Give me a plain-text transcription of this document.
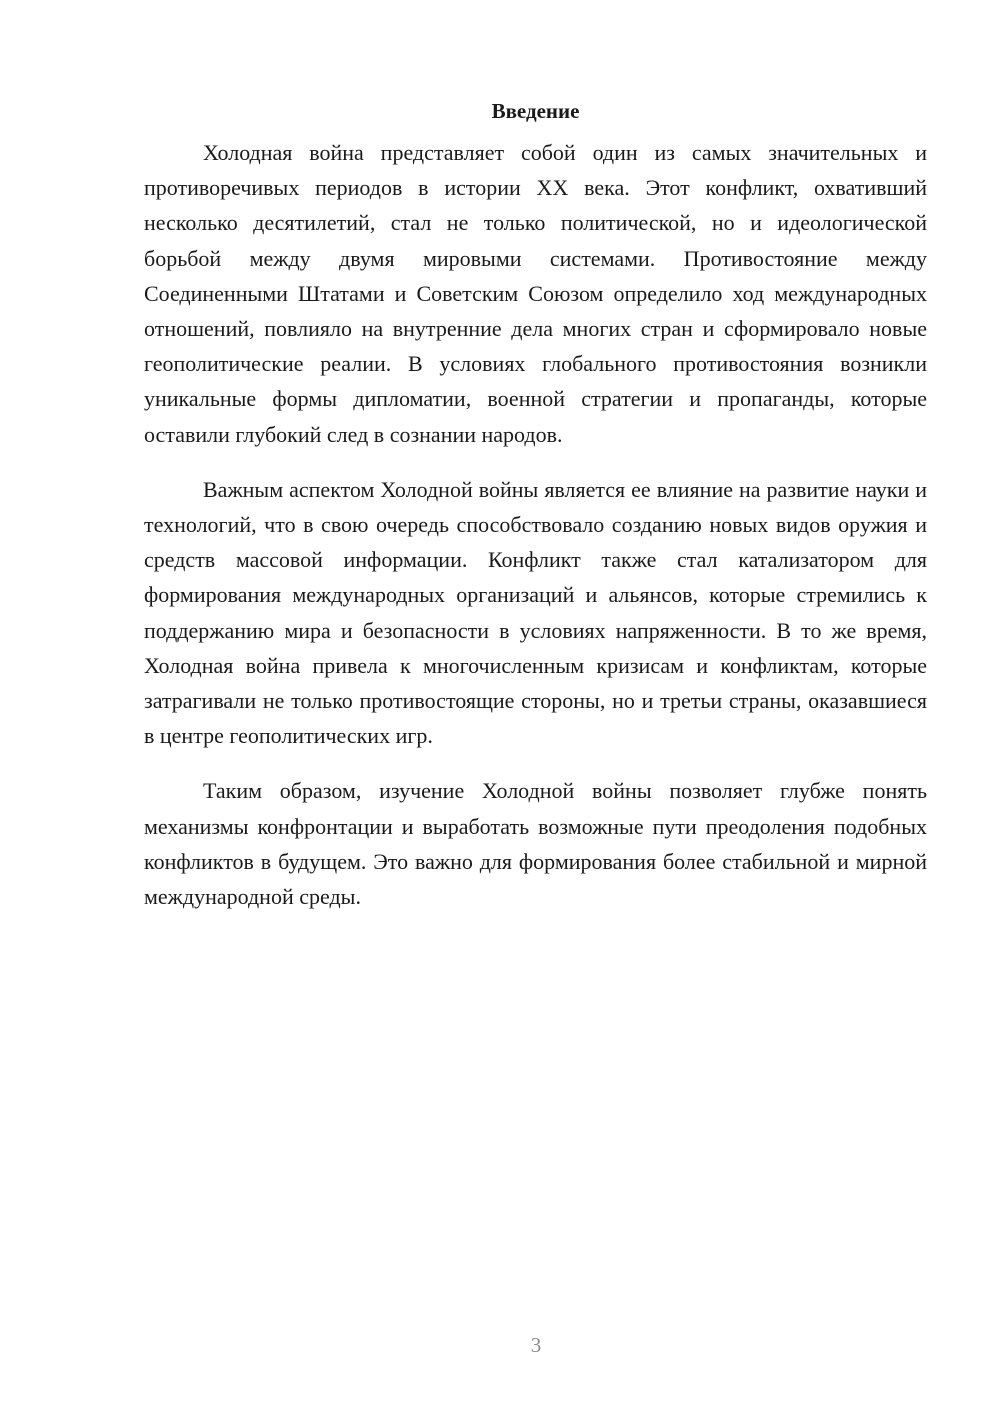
Введение

Холодная война представляет собой один из самых значительных и противоречивых периодов в истории XX века. Этот конфликт, охвативший несколько десятилетий, стал не только политической, но и идеологической борьбой между двумя мировыми системами. Противостояние между Соединенными Штатами и Советским Союзом определило ход международных отношений, повлияло на внутренние дела многих стран и сформировало новые геополитические реалии. В условиях глобального противостояния возникли уникальные формы дипломатии, военной стратегии и пропаганды, которые оставили глубокий след в сознании народов.

Важным аспектом Холодной войны является ее влияние на развитие науки и технологий, что в свою очередь способствовало созданию новых видов оружия и средств массовой информации. Конфликт также стал катализатором для формирования международных организаций и альянсов, которые стремились к поддержанию мира и безопасности в условиях напряженности. В то же время, Холодная война привела к многочисленным кризисам и конфликтам, которые затрагивали не только противостоящие стороны, но и третьи страны, оказавшиеся в центре геополитических игр.

Таким образом, изучение Холодной войны позволяет глубже понять механизмы конфронтации и выработать возможные пути преодоления подобных конфликтов в будущем. Это важно для формирования более стабильной и мирной международной среды.

3
